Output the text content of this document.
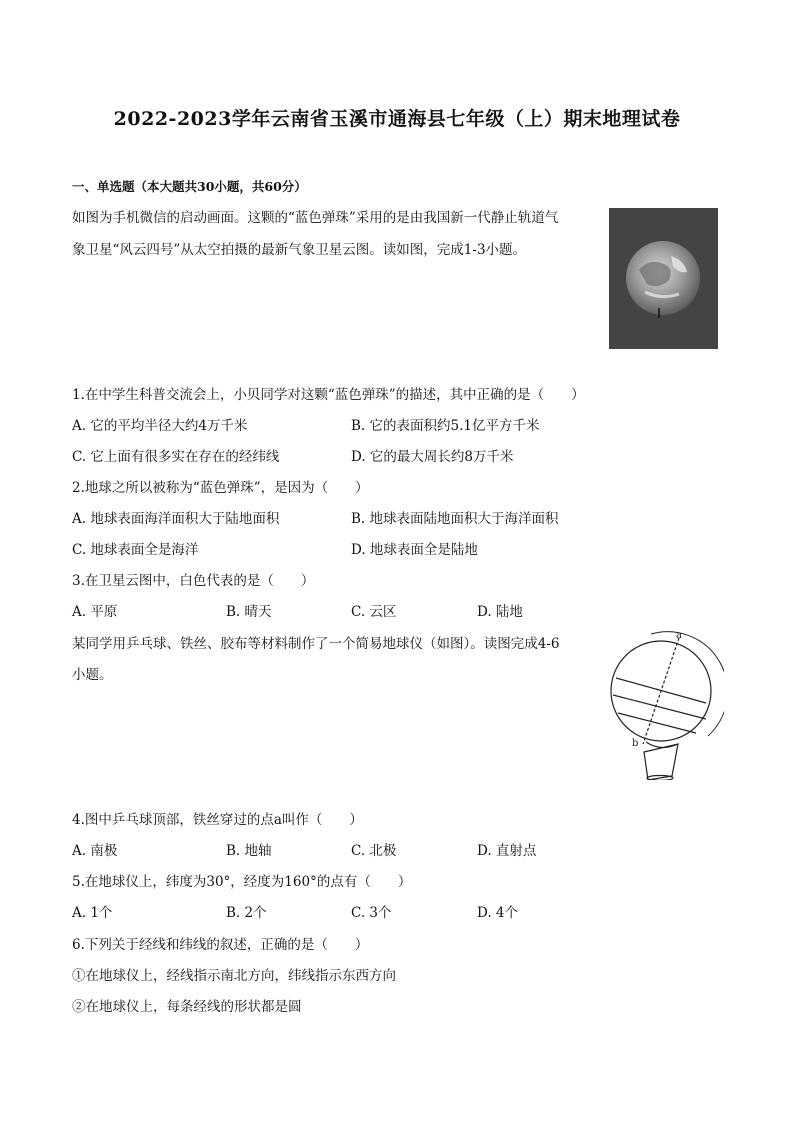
2022-2023学年云南省玉溪市通海县七年级（上）期末地理试卷
一、单选题（本大题共30小题，共60分）
如图为手机微信的启动画面。这颗的“蓝色弹珠”采用的是由我国新一代静止轨道气
象卫星“风云四号”从太空拍摄的最新气象卫星云图。读如图，完成1-3小题。
1.在中学生科普交流会上，小贝同学对这颗“蓝色弹珠”的描述，其中正确的是（　　）
A. 它的平均半径大约4万千米	B. 它的表面积约5.1亿平方千米
C. 它上面有很多实在存在的经纬线	D. 它的最大周长约8万千米
2.地球之所以被称为“蓝色弹珠”，是因为（　　）
A. 地球表面海洋面积大于陆地面积	B. 地球表面陆地面积大于海洋面积
C. 地球表面全是海洋	D. 地球表面全是陆地
3.在卫星云图中，白色代表的是（　　）
A. 平原	B. 晴天	C. 云区	D. 陆地
某同学用乒乓球、铁丝、胶布等材料制作了一个简易地球仪（如图）。读图完成4-6
小题。
a
b
4.图中乒乓球顶部，铁丝穿过的点a叫作（　　）
A. 南极	B. 地轴	C. 北极	D. 直射点
5.在地球仪上，纬度为30°，经度为160°的点有（　　）
A. 1个	B. 2个	C. 3个	D. 4个
6.下列关于经线和纬线的叙述，正确的是（　　）
①在地球仪上，经线指示南北方向，纬线指示东西方向
②在地球仪上，每条经线的形状都是圆
